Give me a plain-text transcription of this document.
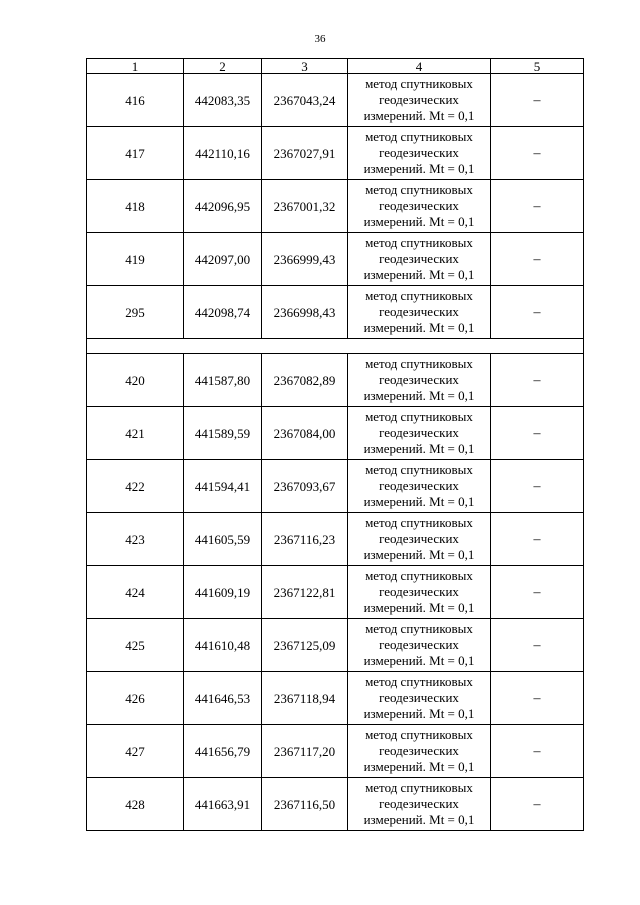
36
1	2	3	4	5
416	442083,35	2367043,24	метод спутниковых геодезических измерений. Mt = 0,1	–
417	442110,16	2367027,91	метод спутниковых геодезических измерений. Mt = 0,1	–
418	442096,95	2367001,32	метод спутниковых геодезических измерений. Mt = 0,1	–
419	442097,00	2366999,43	метод спутниковых геодезических измерений. Mt = 0,1	–
295	442098,74	2366998,43	метод спутниковых геодезических измерений. Mt = 0,1	–

420	441587,80	2367082,89	метод спутниковых геодезических измерений. Mt = 0,1	–
421	441589,59	2367084,00	метод спутниковых геодезических измерений. Mt = 0,1	–
422	441594,41	2367093,67	метод спутниковых геодезических измерений. Mt = 0,1	–
423	441605,59	2367116,23	метод спутниковых геодезических измерений. Mt = 0,1	–
424	441609,19	2367122,81	метод спутниковых геодезических измерений. Mt = 0,1	–
425	441610,48	2367125,09	метод спутниковых геодезических измерений. Mt = 0,1	–
426	441646,53	2367118,94	метод спутниковых геодезических измерений. Mt = 0,1	–
427	441656,79	2367117,20	метод спутниковых геодезических измерений. Mt = 0,1	–
428	441663,91	2367116,50	метод спутниковых геодезических измерений. Mt = 0,1	–
